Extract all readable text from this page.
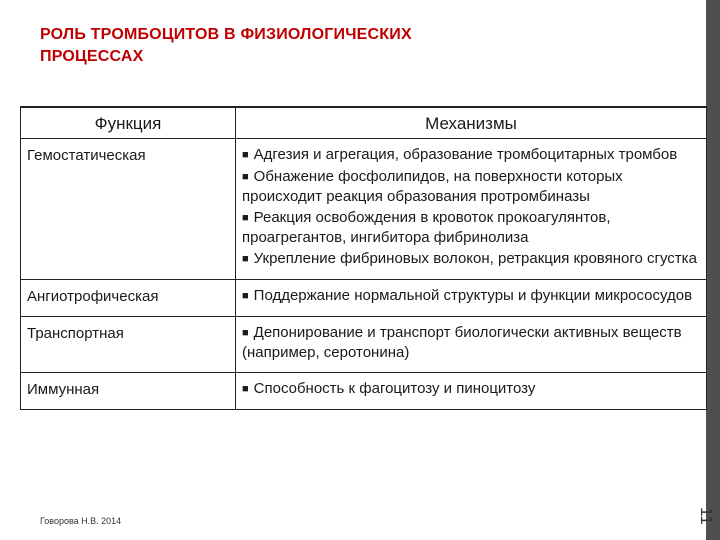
РОЛЬ ТРОМБОЦИТОВ В ФИЗИОЛОГИЧЕСКИХ
ПРОЦЕССАХ
11
Функция	Механизмы
Гемостатическая	■ Адгезия и агрегация, образование тромбоцитарных тромбов
■ Обнажение фосфолипидов, на поверхности которых происходит реакция образования протромбиназы
■ Реакция освобождения в кровоток прокоагулянтов, проагрегантов, ингибитора фибринолиза
■ Укрепление фибриновых волокон, ретракция кровяного сгустка

Ангиотрофическая	■ Поддержание нормальной структуры и функции микрососудов

Транспортная	■ Депонирование и транспорт биологически активных веществ (например, серотонина)

Иммунная	■ Способность к фагоцитозу и пиноцитозу
Говорова Н.В. 2014
